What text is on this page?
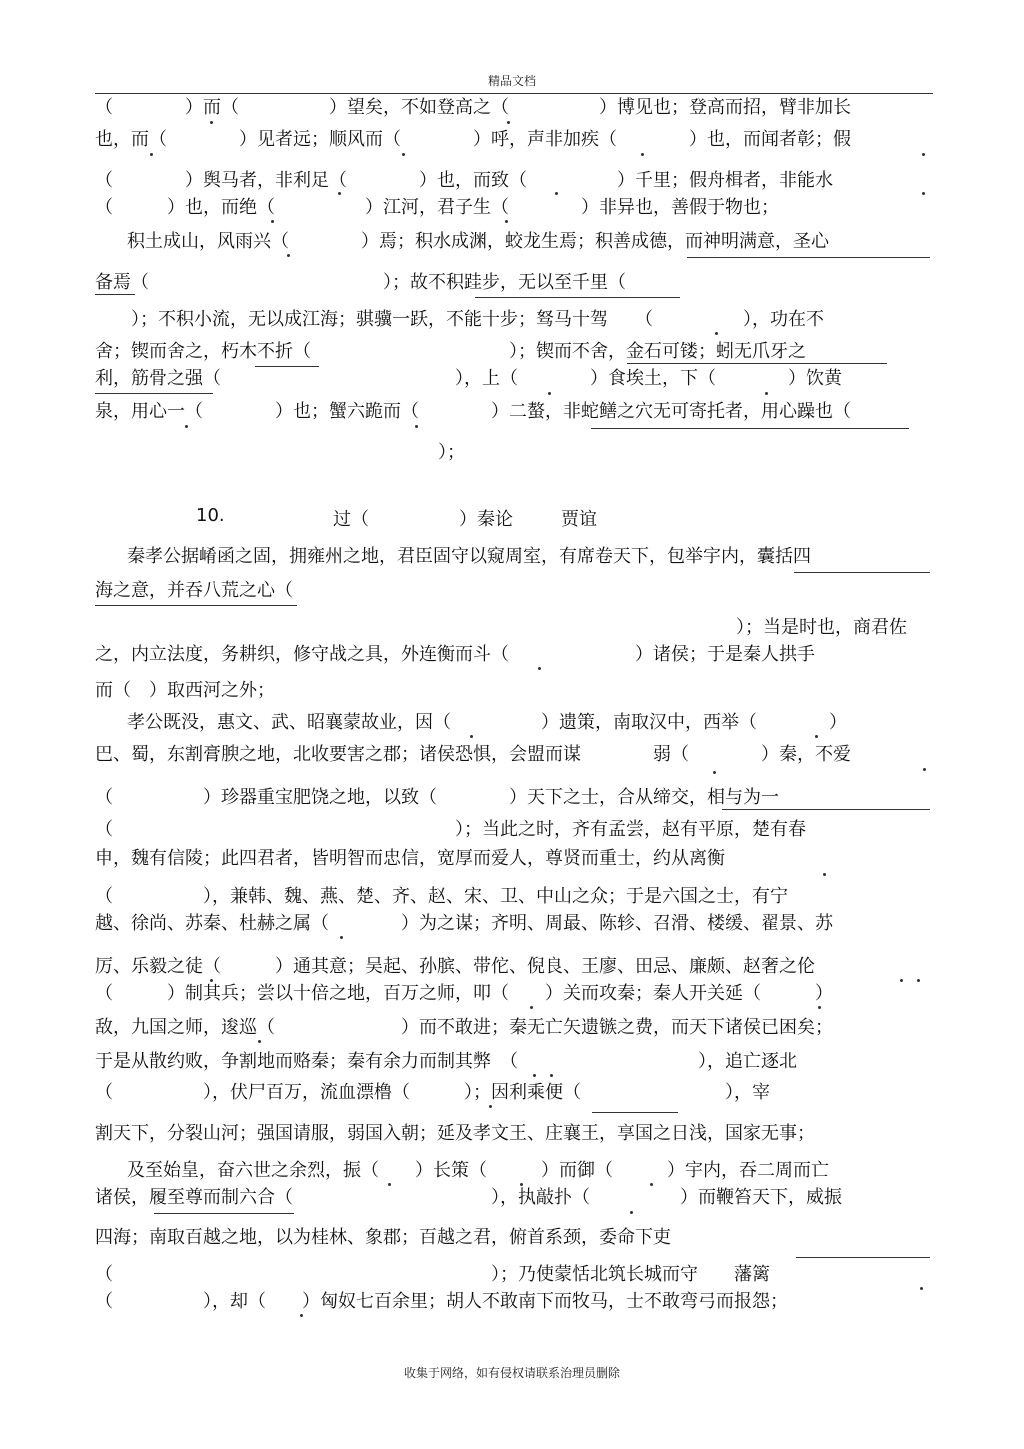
精品文档
（　　　　）而（　　　　　）望矣，不如登高之（　　　　　）博见也；登高而招，臂非加长
也，而（　　　　）见者远；顺风而（　　　　）呼，声非加疾（　　　　）也，而闻者彰；假
（　　　　）舆马者，非利足（　　　　）也，而致（　　　　　）千里；假舟楫者，非能水
（　　　）也，而绝（　　　　　）江河，君子生（　　　　）非异也，善假于物也；
积土成山，风雨兴（　　　　）焉；积水成渊，蛟龙生焉；积善成德，而神明满意，圣心
备焉（　　　　　　　　　　　　　）；故不积跬步，无以至千里（
　　）；不积小流，无以成江海；骐骥一跃，不能十步；驽马十驾　　（　　　　　），功在不
舍；锲而舍之，朽木不折（　　　　　　　　　　　）；锲而不舍，金石可镂；蚓无爪牙之
利，筋骨之强（　　　　　　　　　　　　　），上（　　　　）食埃土，下（　　　　）饮黄
泉，用心一（　　　　）也；蟹六跪而（　　　　）二螯，非蛇鳝之穴无可寄托者，用心躁也（
）；
10.	过（　　　　　）秦论	贾谊
秦孝公据崤函之固，拥雍州之地，君臣固守以窥周室，有席卷天下，包举宇内，囊括四
海之意，并吞八荒之心（
）；当是时也，商君佐
之，内立法度，务耕织，修守战之具，外连衡而斗（　　　　　　　）诸侯；于是秦人拱手
而（　）取西河之外；
孝公既没，惠文、武、昭襄蒙故业，因（　　　　　）遗策，南取汉中，西举（　　　　）
巴、蜀，东割膏腴之地，北收要害之郡；诸侯恐惧，会盟而谋　　　　弱（　　　　）秦，不爱
（　　　　　）珍器重宝肥饶之地，以致（　　　　）天下之士，合从缔交，相与为一
（　　　　　　　　　　　　　　　　　　　）；当此之时，齐有孟尝，赵有平原，楚有春
申，魏有信陵；此四君者，皆明智而忠信，宽厚而爱人，尊贤而重士，约从离衡
（　　　　　），兼韩、魏、燕、楚、齐、赵、宋、卫、中山之众；于是六国之士，有宁
越、徐尚、苏秦、杜赫之属（　　　　）为之谋；齐明、周最、陈轸、召滑、楼缓、翟景、苏
厉、乐毅之徒（　　　）通其意；吴起、孙膑、带佗、倪良、王廖、田忌、廉颇、赵奢之伦
（　　　）制其兵；尝以十倍之地，百万之师，叩（　　）关而攻秦；秦人开关延（　　　）
敌，九国之师，逡巡（　　　　　　　）而不敢进；秦无亡矢遗镞之费，而天下诸侯已困矣；
于是从散约败，争割地而赂秦；秦有余力而制其弊　（　　　　　　　　　　），追亡逐北
（　　　　　），伏尸百万，流血漂橹（　　　）；因利乘便（　　　　　　　　），宰
割天下，分裂山河；强国请服，弱国入朝；延及孝文王、庄襄王，享国之日浅，国家无事；
及至始皇，奋六世之余烈，振（　　）长策（　　　）而御（　　　）宇内，吞二周而亡
诸侯，履至尊而制六合（　　　　　　　　　　　），执敲扑（　　　　　）而鞭笞天下，威振
四海；南取百越之地，以为桂林、象郡；百越之君，俯首系颈，委命下吏
（　　　　　　　　　　　　　　　　　　　　　）；乃使蒙恬北筑长城而守　　藩篱
（　　　　　），却（　　）匈奴七百余里；胡人不敢南下而牧马，士不敢弯弓而报怨；
收集于网络，如有侵权请联系治理员删除
